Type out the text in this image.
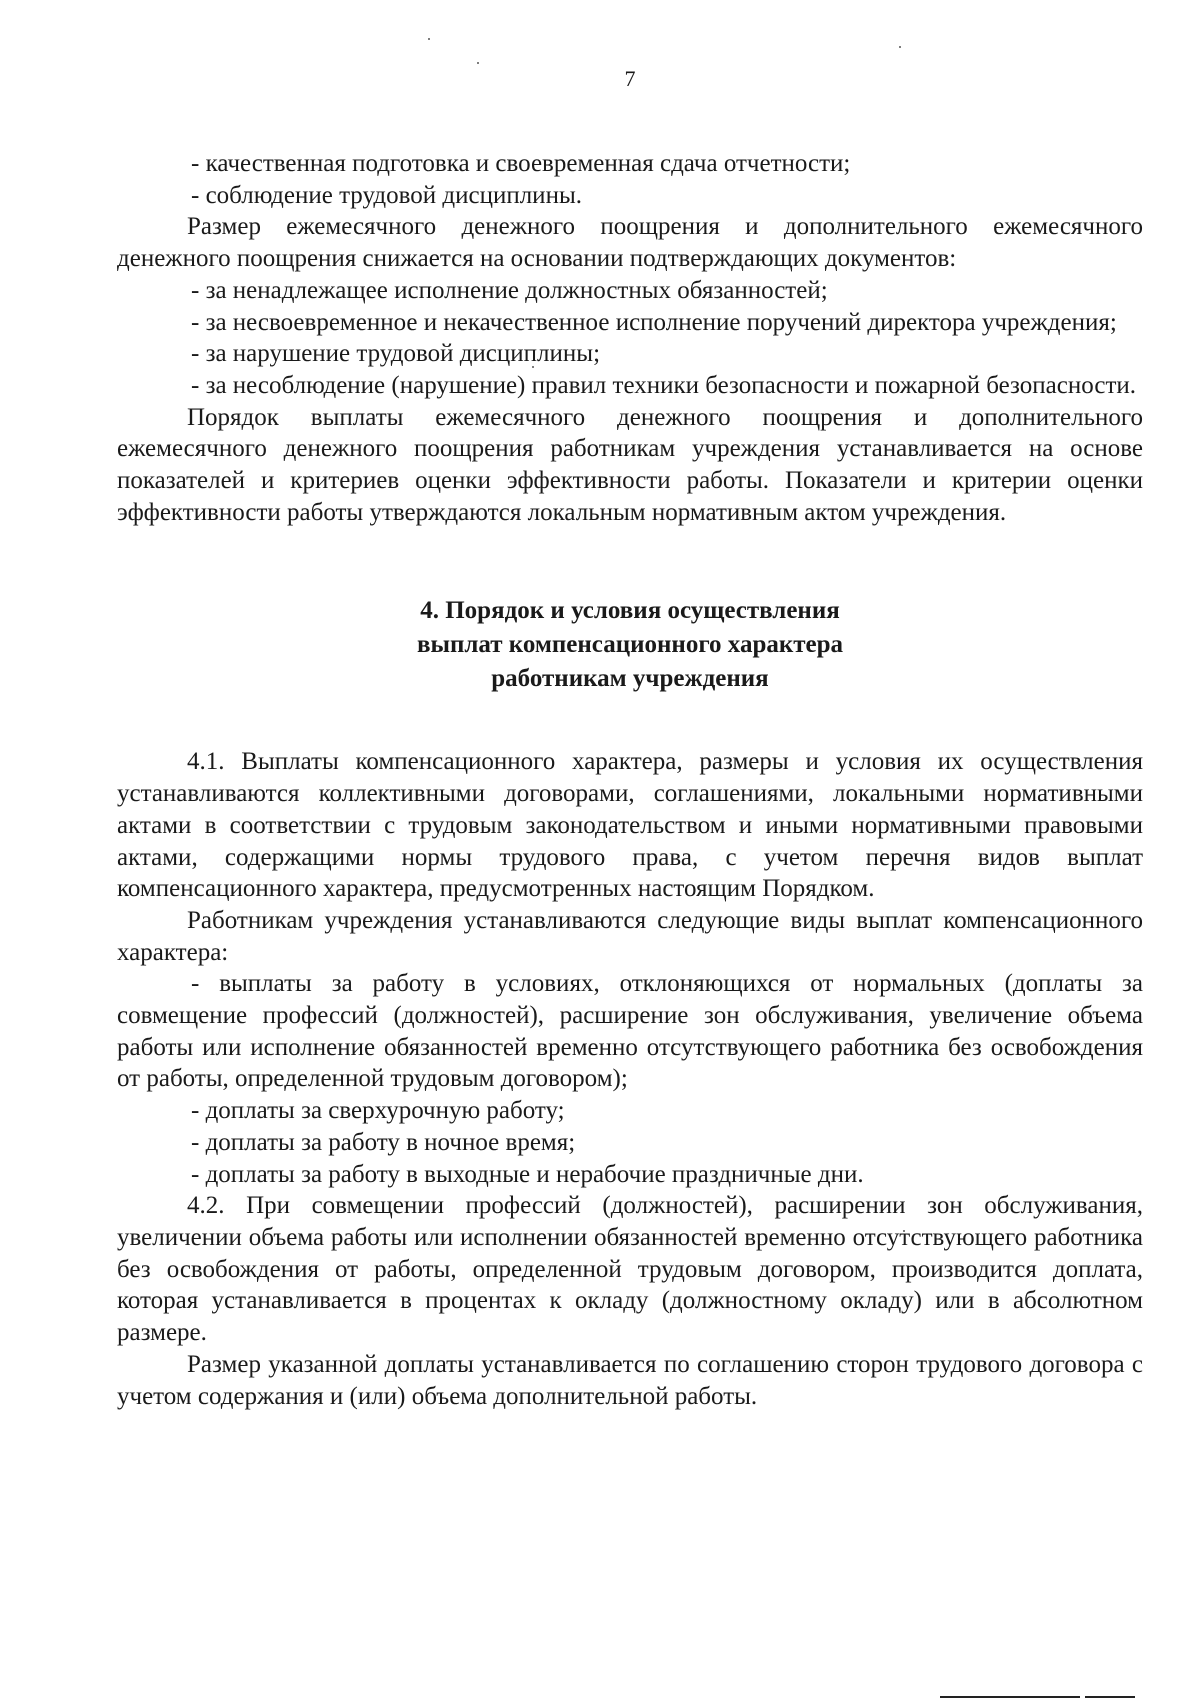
7

- качественная подготовка и своевременная сдача отчетности;

- соблюдение трудовой дисциплины.

Размер ежемесячного денежного поощрения и дополнительного ежемесячного денежного поощрения снижается на основании подтверждающих документов:

- за ненадлежащее исполнение должностных обязанностей;

- за несвоевременное и некачественное исполнение поручений директора учреждения;

- за нарушение трудовой дисциплины;

- за несоблюдение (нарушение) правил техники безопасности и пожарной безопасности.

Порядок выплаты ежемесячного денежного поощрения и дополнительного ежемесячного денежного поощрения работникам учреждения устанавливается на основе показателей и критериев оценки эффективности работы. Показатели и критерии оценки эффективности работы утверждаются локальным нормативным актом учреждения.

4. Порядок и условия осуществления
выплат компенсационного характера
работникам учреждения

4.1. Выплаты компенсационного характера, размеры и условия их осуществления устанавливаются коллективными договорами, соглашениями, локальными нормативными актами в соответствии с трудовым законодательством и иными нормативными правовыми актами, содержащими нормы трудового права, с учетом перечня видов выплат компенсационного характера, предусмотренных настоящим Порядком.

Работникам учреждения устанавливаются следующие виды выплат компенсационного характера:

- выплаты за работу в условиях, отклоняющихся от нормальных (доплаты за совмещение профессий (должностей), расширение зон обслуживания, увеличение объема работы или исполнение обязанностей временно отсутствующего работника без освобождения от работы, определенной трудовым договором);

- доплаты за сверхурочную работу;

- доплаты за работу в ночное время;

- доплаты за работу в выходные и нерабочие праздничные дни.

4.2. При совмещении профессий (должностей), расширении зон обслуживания, увеличении объема работы или исполнении обязанностей временно отсутствующего работника без освобождения от работы, определенной трудовым договором, производится доплата, которая устанавливается в процентах к окладу (должностному окладу) или в абсолютном размере.

Размер указанной доплаты устанавливается по соглашению сторон трудового договора с учетом содержания и (или) объема дополнительной работы.
